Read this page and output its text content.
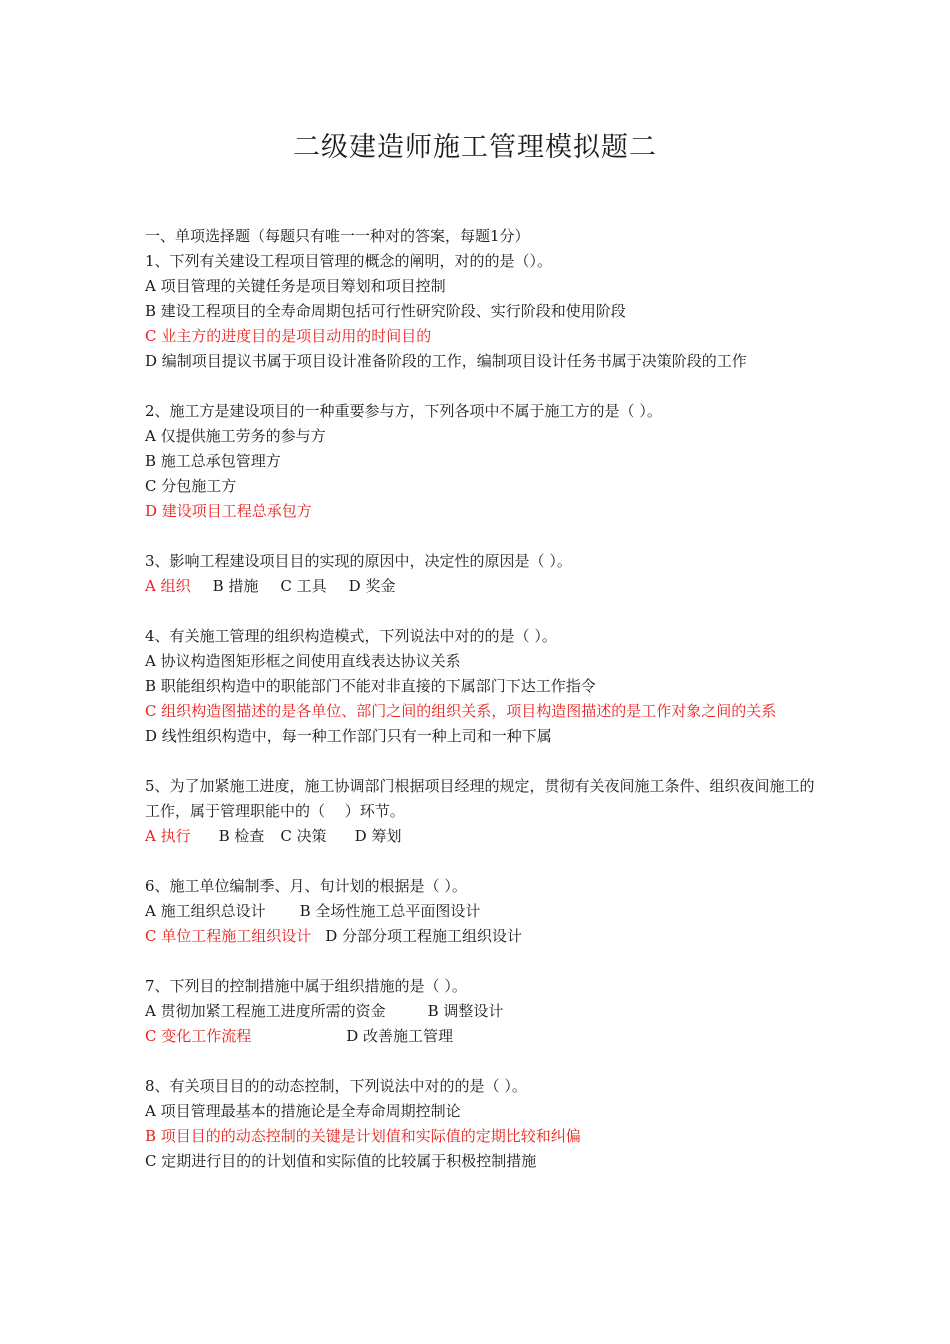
二级建造师施工管理模拟题二

一、单项选择题（每题只有唯一一种对的答案，每题1分）

1、下列有关建设工程项目管理的概念的阐明，对的的是（）。

A 项目管理的关键任务是项目筹划和项目控制

B 建设工程项目的全寿命周期包括可行性研究阶段、实行阶段和使用阶段

C 业主方的进度目的是项目动用的时间目的

D 编制项目提议书属于项目设计准备阶段的工作，编制项目设计任务书属于决策阶段的工作

2、施工方是建设项目的一种重要参与方，下列各项中不属于施工方的是（ ）。

A 仅提供施工劳务的参与方

B 施工总承包管理方

C 分包施工方

D 建设项目工程总承包方

3、影响工程建设项目目的实现的原因中，决定性的原因是（ ）。

A 组织 B 措施 C 工具 D 奖金

4、有关施工管理的组织构造模式，下列说法中对的的是（ ）。

A 协议构造图矩形框之间使用直线表达协议关系

B 职能组织构造中的职能部门不能对非直接的下属部门下达工作指令

C 组织构造图描述的是各单位、部门之间的组织关系，项目构造图描述的是工作对象之间的关系

D 线性组织构造中，每一种工作部门只有一种上司和一种下属

5、为了加紧施工进度，施工协调部门根据项目经理的规定，贯彻有关夜间施工条件、组织夜间施工的工作，属于管理职能中的（　 ）环节。

A 执行 B 检查 C 决策 D 筹划

6、施工单位编制季、月、旬计划的根据是（ ）。

A 施工组织总设计 B 全场性施工总平面图设计

C 单位工程施工组织设计 D 分部分项工程施工组织设计

7、下列目的控制措施中属于组织措施的是（ ）。

A 贯彻加紧工程施工进度所需的资金	B 调整设计

C 变化工作流程	D 改善施工管理

8、有关项目目的的动态控制，下列说法中对的的是（ ）。

A 项目管理最基本的措施论是全寿命周期控制论

B 项目目的的动态控制的关键是计划值和实际值的定期比较和纠偏

C 定期进行目的的计划值和实际值的比较属于积极控制措施
